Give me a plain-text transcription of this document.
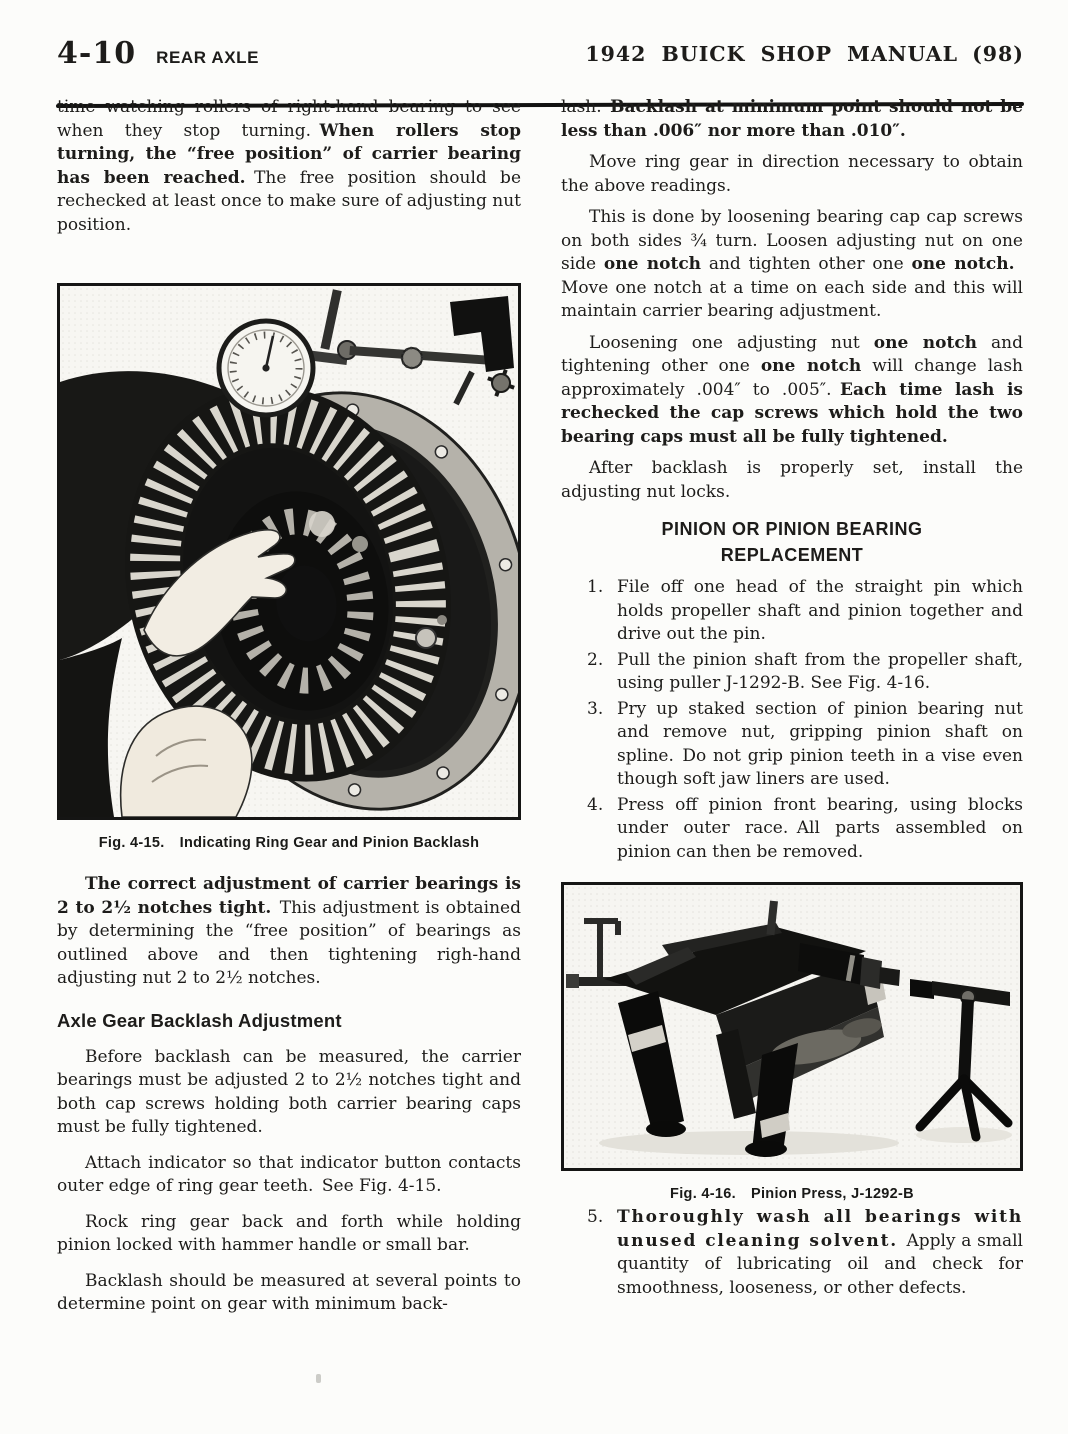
4-10 REAR AXLE	1942 BUICK SHOP MANUAL (98)

time watching rollers of right-hand bearing to see when they stop turning. When rollers stop turning, the “free position” of carrier bearing has been reached. The free position should be rechecked at least once to make sure of adjusting nut position.

Fig. 4-15.  Indicating Ring Gear and Pinion Backlash

The correct adjustment of carrier bearings is 2 to 2½ notches tight. This adjustment is obtained by determining the “free position” of bearings as outlined above and then tightening righ-hand adjusting nut 2 to 2½ notches.

Axle Gear Backlash Adjustment

Before backlash can be measured, the carrier bearings must be adjusted 2 to 2½ notches tight and both cap screws holding both carrier bearing caps must be fully tightened.

Attach indicator so that indicator button contacts outer edge of ring gear teeth. See Fig. 4-15.

Rock ring gear back and forth while holding pinion locked with hammer handle or small bar.

Backlash should be measured at several points to determine point on gear with minimum back-

lash. Backlash at minimum point should not be less than .006″ nor more than .010″.

Move ring gear in direction necessary to obtain the above readings.

This is done by loosening bearing cap cap screws on both sides ¾ turn. Loosen adjusting nut on one side one notch and tighten other one one notch. Move one notch at a time on each side and this will maintain carrier bearing adjustment.

Loosening one adjusting nut one notch and tightening other one one notch will change lash approximately .004″ to .005″. Each time lash is rechecked the cap screws which hold the two bearing caps must all be fully tightened.

After backlash is properly set, install the adjusting nut locks.

PINION OR PINION BEARING
REPLACEMENT

1. File off one head of the straight pin which holds propeller shaft and pinion together and drive out the pin.
2. Pull the pinion shaft from the propeller shaft, using puller J-1292-B. See Fig. 4-16.
3. Pry up staked section of pinion bearing nut and remove nut, gripping pinion shaft on spline. Do not grip pinion teeth in a vise even though soft jaw liners are used.
4. Press off pinion front bearing, using blocks under outer race. All parts assembled on pinion can then be removed.
Fig. 4-16.  Pinion Press, J-1292-B
5. Thoroughly wash all bearings with unused cleaning solvent. Apply a small quantity of lubricating oil and check for smoothness, looseness, or other defects.
